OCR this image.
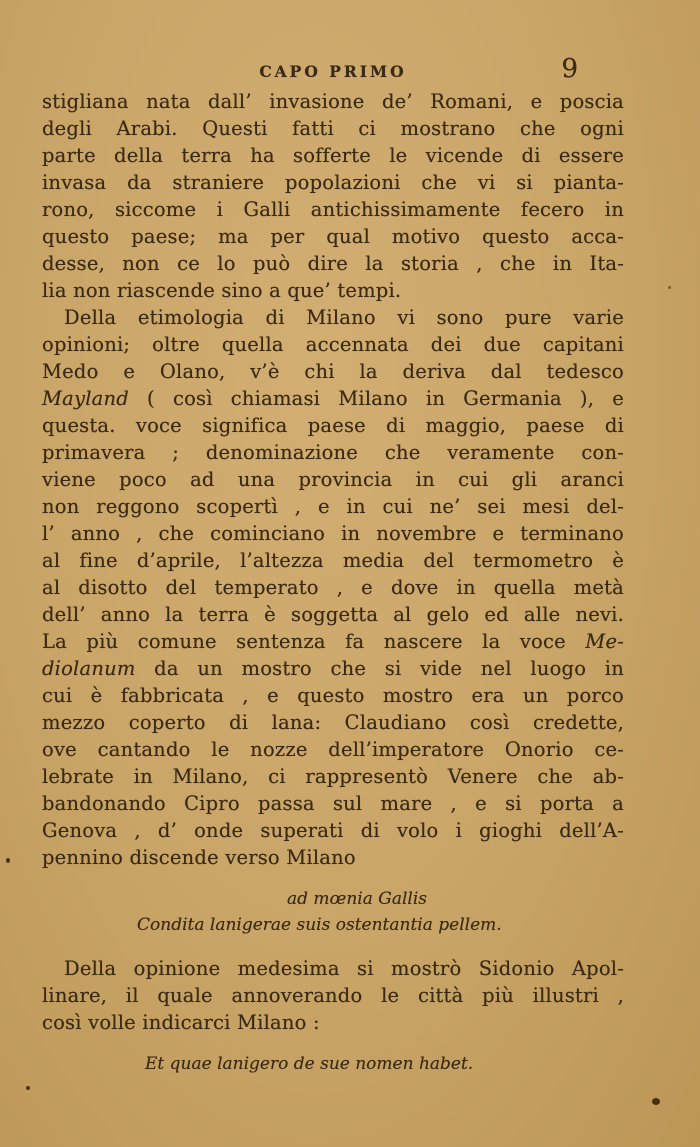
CAPO PRIMO	9
stigliana nata dall’ invasione de’ Romani, e poscia
degli Arabi. Questi fatti ci mostrano che ogni
parte della terra ha sofferte le vicende di essere
invasa da straniere popolazioni che vi si pianta-
rono, siccome i Galli antichissimamente fecero in
questo paese; ma per qual motivo questo acca-
desse, non ce lo può dire la storia , che in Ita-
lia non riascende sino a que’ tempi.
Della etimologia di Milano vi sono pure varie
opinioni; oltre quella accennata dei due capitani
Medo e Olano, v’è chi la deriva dal tedesco
Mayland ( così chiamasi Milano in Germania ), e
questa. voce significa paese di maggio, paese di
primavera ; denominazione che veramente con-
viene poco ad una provincia in cui gli aranci
non reggono scopertì , e in cui ne’ sei mesi del-
l’ anno , che cominciano in novembre e terminano
al fine d’aprile, l’altezza media del termometro è
al disotto del temperato , e dove in quella metà
dell’ anno la terra è soggetta al gelo ed alle nevi.
La più comune sentenza fa nascere la voce Me-
diolanum da un mostro che si vide nel luogo in
cui è fabbricata , e questo mostro era un porco
mezzo coperto di lana: Claudiano così credette,
ove cantando le nozze dell’imperatore Onorio ce-
lebrate in Milano, ci rappresentò Venere che ab-
bandonando Cipro passa sul mare , e si porta a
Genova , d’ onde superati di volo i gioghi dell’A-
pennino discende verso Milano
ad mœnia Gallis
Condita lanigerae suis ostentantia pellem.
Della opinione medesima si mostrò Sidonio Apol-
linare, il quale annoverando le città più illustri ,
così volle indicarci Milano :
Et quae lanigero de sue nomen habet.
